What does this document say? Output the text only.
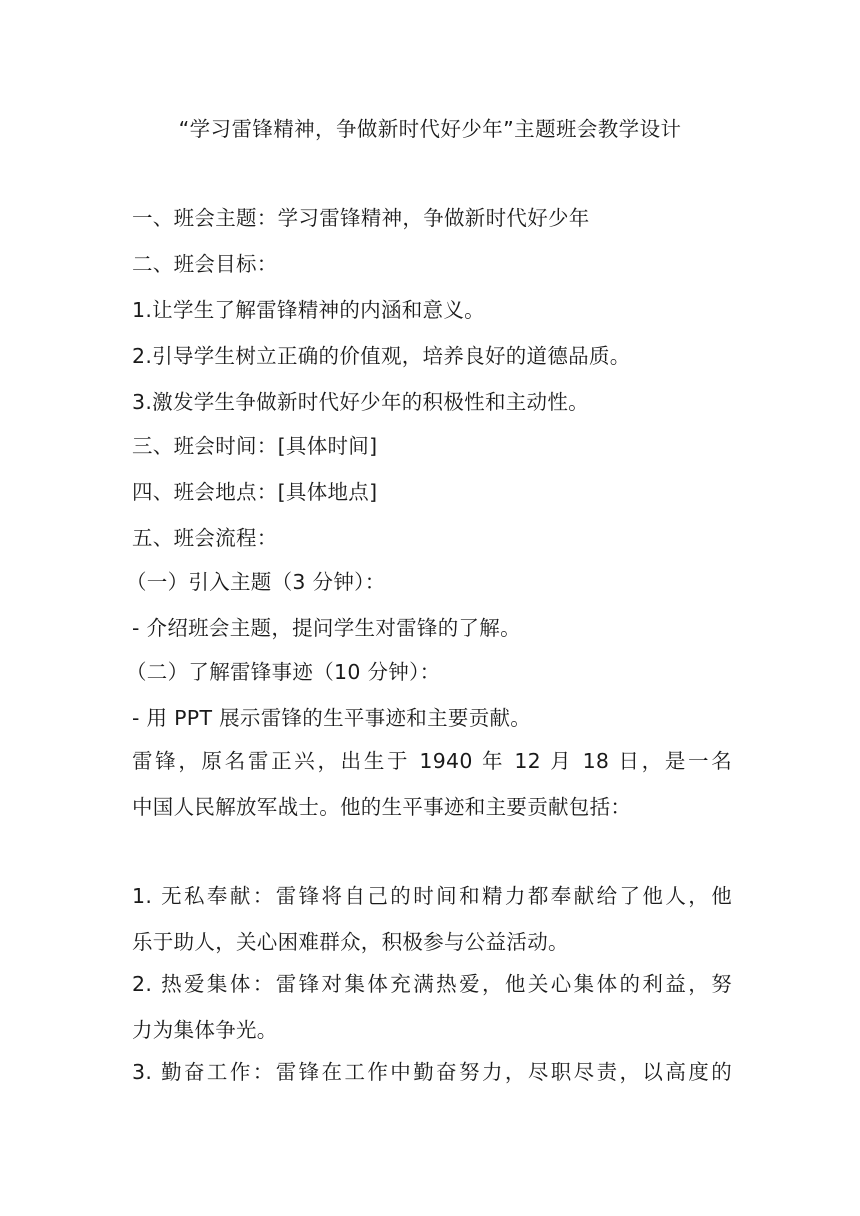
“学习雷锋精神，争做新时代好少年”主题班会教学设计
一、班会主题：学习雷锋精神，争做新时代好少年
二、班会目标：
1.让学生了解雷锋精神的内涵和意义。
2.引导学生树立正确的价值观，培养良好的道德品质。
3.激发学生争做新时代好少年的积极性和主动性。
三、班会时间：[具体时间]
四、班会地点：[具体地点]
五、班会流程：
（一）引入主题（3 分钟）：
- 介绍班会主题，提问学生对雷锋的了解。
（二）了解雷锋事迹（10 分钟）：
- 用 PPT 展示雷锋的生平事迹和主要贡献。
雷锋，原名雷正兴，出生于 1940 年 12 月 18 日，是一名
中国人民解放军战士。他的生平事迹和主要贡献包括：
1. 无私奉献：雷锋将自己的时间和精力都奉献给了他人，他
乐于助人，关心困难群众，积极参与公益活动。
2. 热爱集体：雷锋对集体充满热爱，他关心集体的利益，努
力为集体争光。
3. 勤奋工作：雷锋在工作中勤奋努力，尽职尽责，以高度的
